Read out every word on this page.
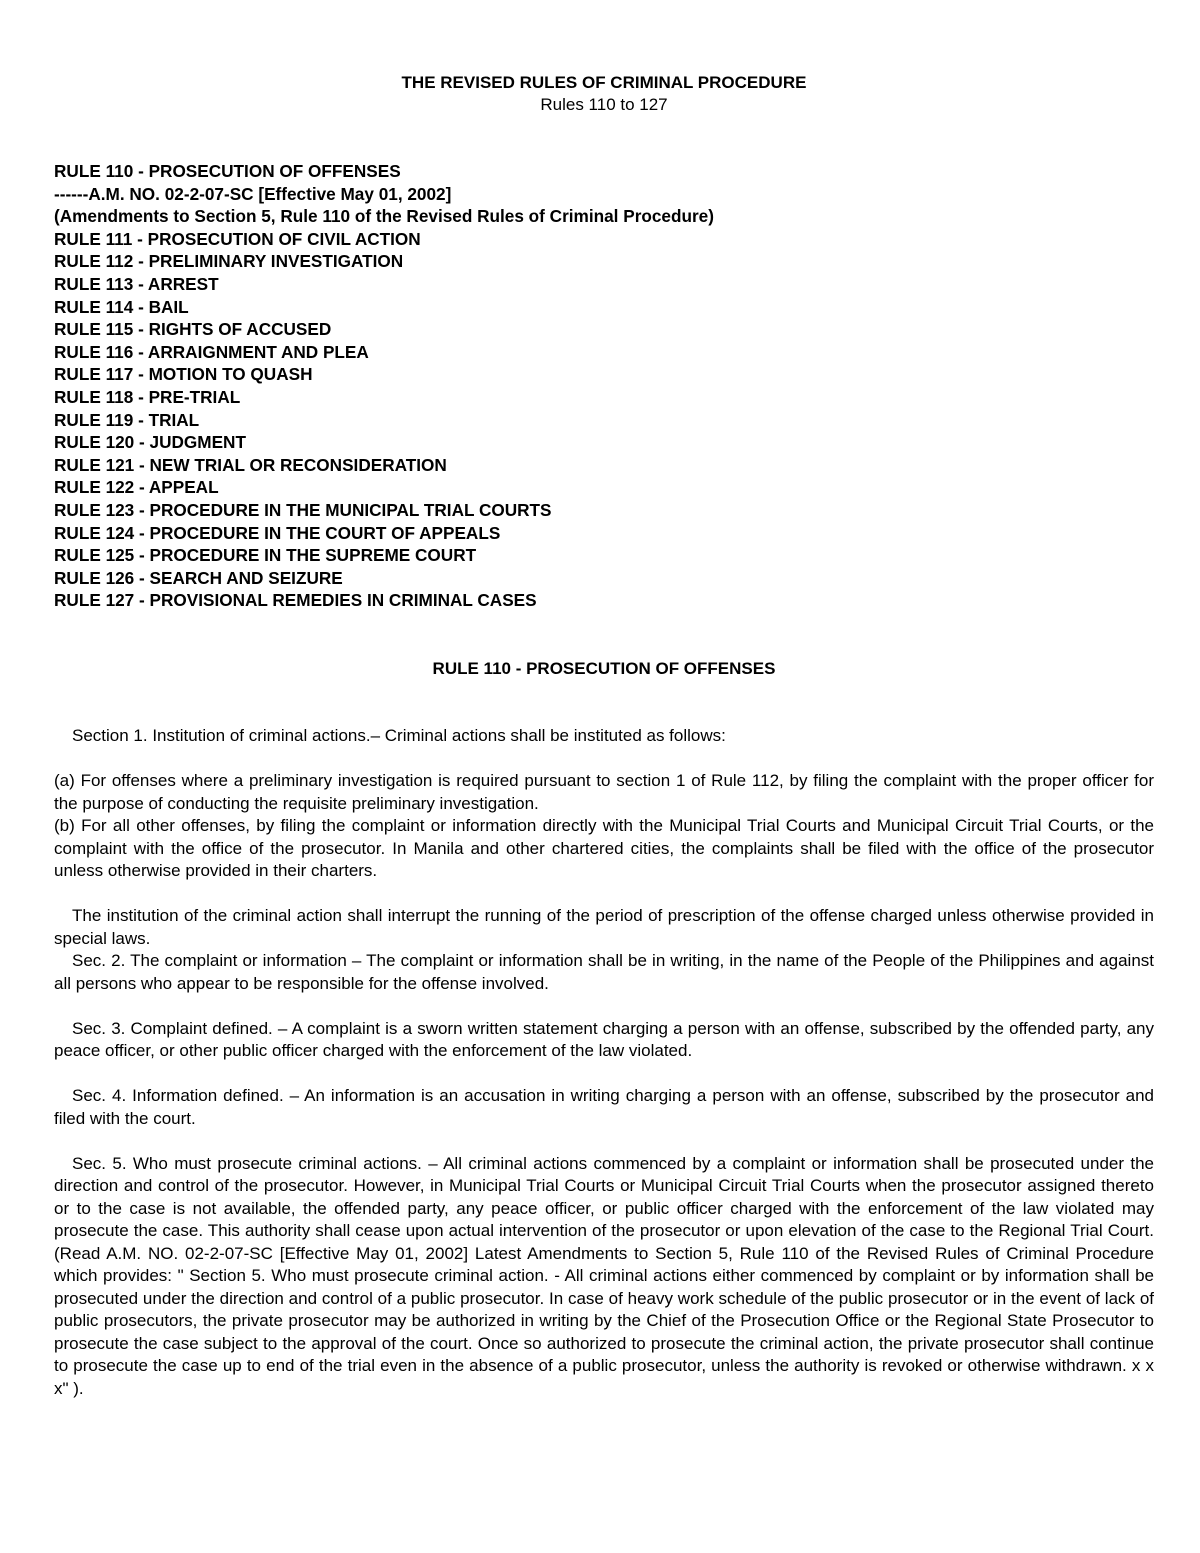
THE REVISED RULES OF CRIMINAL PROCEDURE
Rules 110 to 127
RULE 110 - PROSECUTION OF OFFENSES
------A.M. NO. 02-2-07-SC [Effective May 01, 2002]
(Amendments to Section 5, Rule 110 of the Revised Rules of Criminal Procedure)
RULE 111 - PROSECUTION OF CIVIL ACTION
RULE 112 - PRELIMINARY INVESTIGATION
RULE 113 - ARREST
RULE 114 - BAIL
RULE 115 - RIGHTS OF ACCUSED
RULE 116 - ARRAIGNMENT AND PLEA
RULE 117 - MOTION TO QUASH
RULE 118 - PRE-TRIAL
RULE 119 - TRIAL
RULE 120 - JUDGMENT
RULE 121 - NEW TRIAL OR RECONSIDERATION
RULE 122 - APPEAL
RULE 123 - PROCEDURE IN THE MUNICIPAL TRIAL COURTS
RULE 124 - PROCEDURE IN THE COURT OF APPEALS
RULE 125 - PROCEDURE IN THE SUPREME COURT
RULE 126 - SEARCH AND SEIZURE
RULE 127 - PROVISIONAL REMEDIES IN CRIMINAL CASES
RULE 110 - PROSECUTION OF OFFENSES

Section 1. Institution of criminal actions.– Criminal actions shall be instituted as follows:

(a) For offenses where a preliminary investigation is required pursuant to section 1 of Rule 112, by filing the complaint with the proper officer for the purpose of conducting the requisite preliminary investigation.

(b) For all other offenses, by filing the complaint or information directly with the Municipal Trial Courts and Municipal Circuit Trial Courts, or the complaint with the office of the prosecutor. In Manila and other chartered cities, the complaints shall be filed with the office of the prosecutor unless otherwise provided in their charters.

The institution of the criminal action shall interrupt the running of the period of prescription of the offense charged unless otherwise provided in special laws.

Sec. 2. The complaint or information – The complaint or information shall be in writing, in the name of the People of the Philippines and against all persons who appear to be responsible for the offense involved.

Sec. 3. Complaint defined. – A complaint is a sworn written statement charging a person with an offense, subscribed by the offended party, any peace officer, or other public officer charged with the enforcement of the law violated.

Sec. 4. Information defined. – An information is an accusation in writing charging a person with an offense, subscribed by the prosecutor and filed with the court.

Sec. 5. Who must prosecute criminal actions. – All criminal actions commenced by a complaint or information shall be prosecuted under the direction and control of the prosecutor. However, in Municipal Trial Courts or Municipal Circuit Trial Courts when the prosecutor assigned thereto or to the case is not available, the offended party, any peace officer, or public officer charged with the enforcement of the law violated may prosecute the case. This authority shall cease upon actual intervention of the prosecutor or upon elevation of the case to the Regional Trial Court. (Read A.M. NO. 02-2-07-SC [Effective May 01, 2002] Latest Amendments to Section 5, Rule 110 of the Revised Rules of Criminal Procedure which provides: " Section 5. Who must prosecute criminal action. - All criminal actions either commenced by complaint or by information shall be prosecuted under the direction and control of a public prosecutor. In case of heavy work schedule of the public prosecutor or in the event of lack of public prosecutors, the private prosecutor may be authorized in writing by the Chief of the Prosecution Office or the Regional State Prosecutor to prosecute the case subject to the approval of the court. Once so authorized to prosecute the criminal action, the private prosecutor shall continue to prosecute the case up to end of the trial even in the absence of a public prosecutor, unless the authority is revoked or otherwise withdrawn. x x x" ).
